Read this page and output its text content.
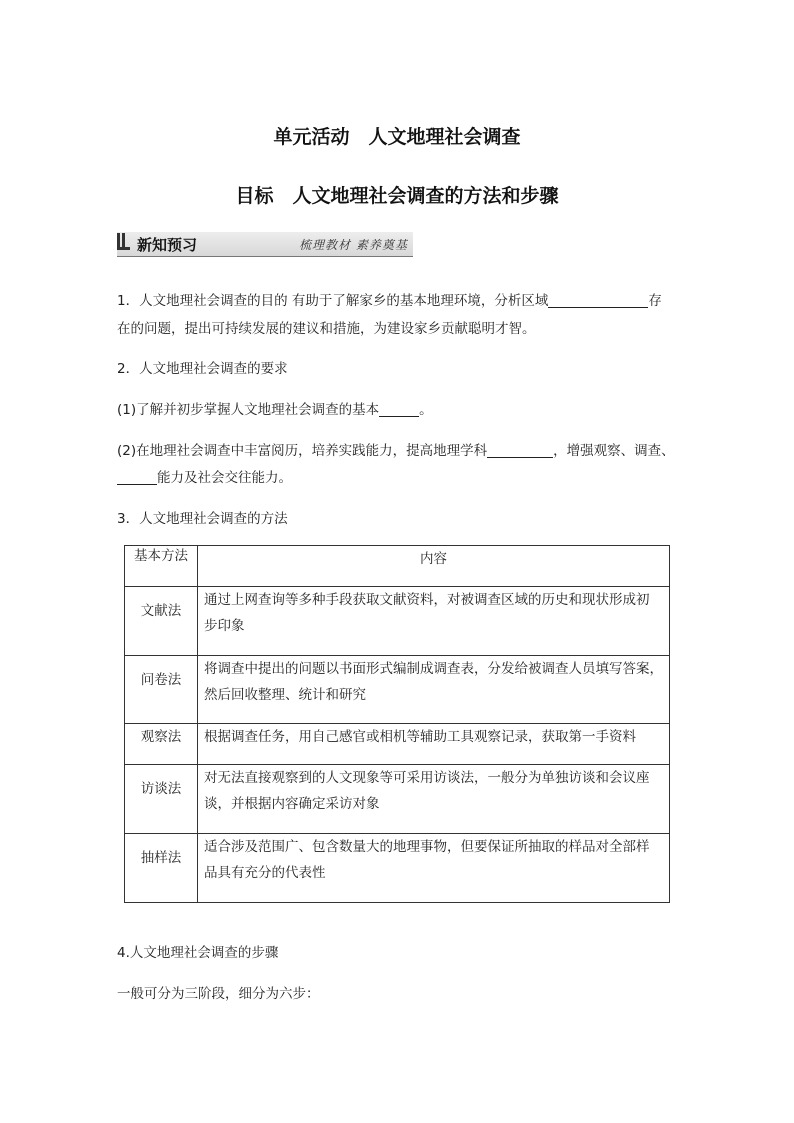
单元活动　人文地理社会调查
目标　人文地理社会调查的方法和步骤
新知预习	梳理教材 素养奠基
1．人文地理社会调查的目的 有助于了解家乡的基本地理环境，分析区域	存
在的问题，提出可持续发展的建议和措施，为建设家乡贡献聪明才智。
2．人文地理社会调查的要求
(1)了解并初步掌握人文地理社会调查的基本	。
(2)在地理社会调查中丰富阅历，培养实践能力，提高地理学科	，增强观察、调查、
能力及社会交往能力。
3．人文地理社会调查的方法
基本方法	内容

文献法	通过上网查询等多种手段获取文献资料，对被调查区域的历史和现状形成初
步印象

问卷法	将调查中提出的问题以书面形式编制成调查表，分发给被调查人员填写答案，
然后回收整理、统计和研究

观察法	根据调查任务，用自己感官或相机等辅助工具观察记录，获取第一手资料

访谈法	对无法直接观察到的人文现象等可采用访谈法，一般分为单独访谈和会议座
谈，并根据内容确定采访对象

抽样法	适合涉及范围广、包含数量大的地理事物，但要保证所抽取的样品对全部样
品具有充分的代表性
4.人文地理社会调查的步骤
一般可分为三阶段，细分为六步：
